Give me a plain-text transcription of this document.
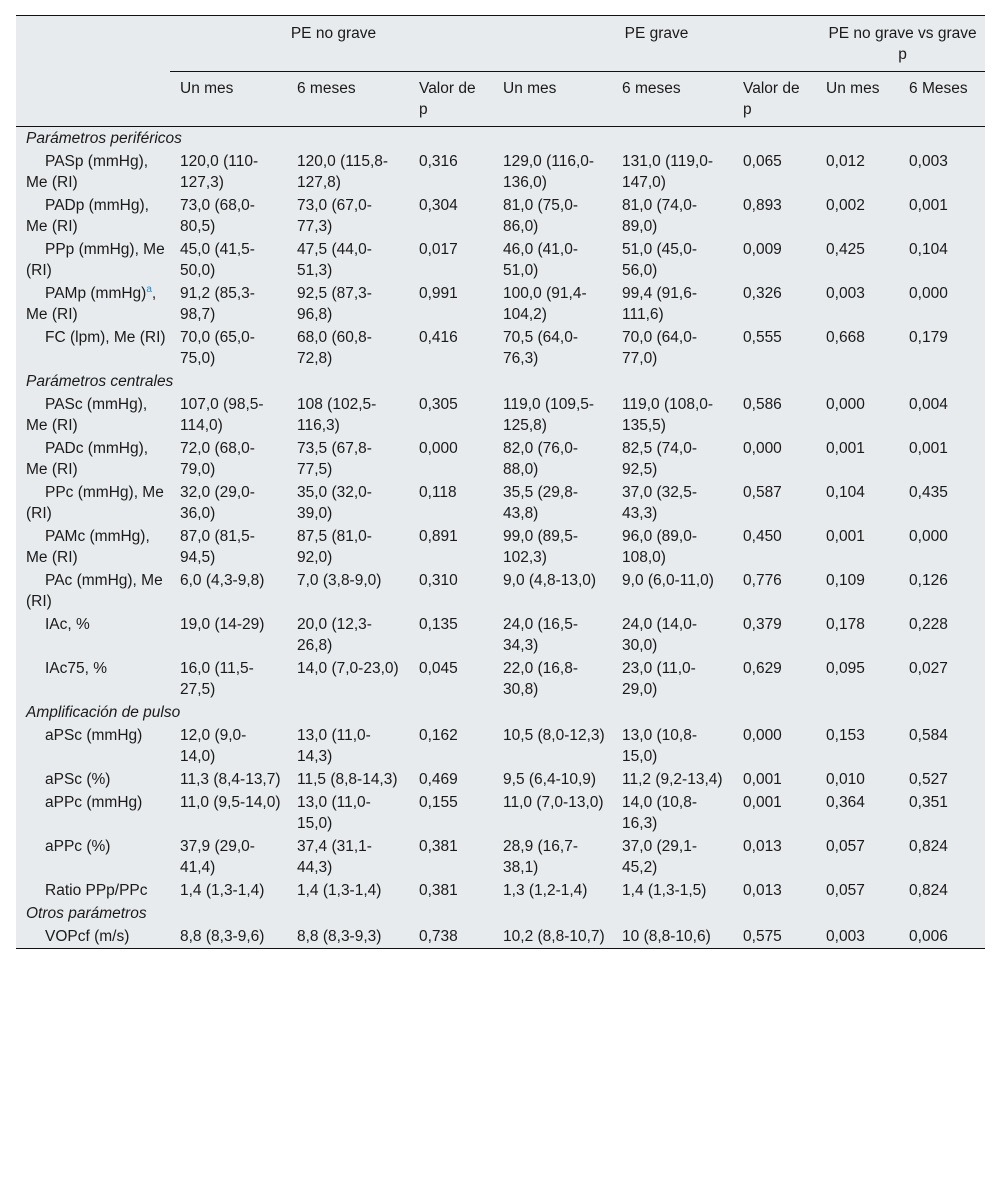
	PE no grave			PE grave			PE no grave vs grave p	
	Un mes	6 meses	Valor de p	Un mes	6 meses	Valor de p	Un mes	6 Meses
Parámetros periféricos								
PASp (mmHg), Me (RI)	120,0 (110-127,3)	120,0 (115,8-127,8)	0,316	129,0 (116,0-136,0)	131,0 (119,0-147,0)	0,065	0,012	0,003
PADp (mmHg), Me (RI)	73,0 (68,0-80,5)	73,0 (67,0-77,3)	0,304	81,0 (75,0-86,0)	81,0 (74,0-89,0)	0,893	0,002	0,001
PPp (mmHg), Me (RI)	45,0 (41,5-50,0)	47,5 (44,0-51,3)	0,017	46,0 (41,0-51,0)	51,0 (45,0-56,0)	0,009	0,425	0,104
PAMp (mmHg)$^a$, Me (RI)	91,2 (85,3-98,7)	92,5 (87,3-96,8)	0,991	100,0 (91,4-104,2)	99,4 (91,6-111,6)	0,326	0,003	0,000
FC (lpm), Me (RI)	70,0 (65,0-75,0)	68,0 (60,8-72,8)	0,416	70,5 (64,0-76,3)	70,0 (64,0-77,0)	0,555	0,668	0,179
Parámetros centrales								
PASc (mmHg), Me (RI)	107,0 (98,5-114,0)	108 (102,5-116,3)	0,305	119,0 (109,5-125,8)	119,0 (108,0-135,5)	0,586	0,000	0,004
PADc (mmHg), Me (RI)	72,0 (68,0-79,0)	73,5 (67,8-77,5)	0,000	82,0 (76,0-88,0)	82,5 (74,0-92,5)	0,000	0,001	0,001
PPc (mmHg), Me (RI)	32,0 (29,0-36,0)	35,0 (32,0-39,0)	0,118	35,5 (29,8-43,8)	37,0 (32,5-43,3)	0,587	0,104	0,435
PAMc (mmHg), Me (RI)	87,0 (81,5-94,5)	87,5 (81,0-92,0)	0,891	99,0 (89,5-102,3)	96,0 (89,0-108,0)	0,450	0,001	0,000
PAc (mmHg), Me (RI)	6,0 (4,3-9,8)	7,0 (3,8-9,0)	0,310	9,0 (4,8-13,0)	9,0 (6,0-11,0)	0,776	0,109	0,126
IAc, %	19,0 (14-29)	20,0 (12,3-26,8)	0,135	24,0 (16,5-34,3)	24,0 (14,0-30,0)	0,379	0,178	0,228
IAc75, %	16,0 (11,5-27,5)	14,0 (7,0-23,0)	0,045	22,0 (16,8-30,8)	23,0 (11,0-29,0)	0,629	0,095	0,027
Amplificación de pulso								
aPSc (mmHg)	12,0 (9,0-14,0)	13,0 (11,0-14,3)	0,162	10,5 (8,0-12,3)	13,0 (10,8-15,0)	0,000	0,153	0,584
aPSc (%)	11,3 (8,4-13,7)	11,5 (8,8-14,3)	0,469	9,5 (6,4-10,9)	11,2 (9,2-13,4)	0,001	0,010	0,527
aPPc (mmHg)	11,0 (9,5-14,0)	13,0 (11,0-15,0)	0,155	11,0 (7,0-13,0)	14,0 (10,8-16,3)	0,001	0,364	0,351
aPPc (%)	37,9 (29,0-41,4)	37,4 (31,1-44,3)	0,381	28,9 (16,7-38,1)	37,0 (29,1-45,2)	0,013	0,057	0,824
Ratio PPp/PPc	1,4 (1,3-1,4)	1,4 (1,3-1,4)	0,381	1,3 (1,2-1,4)	1,4 (1,3-1,5)	0,013	0,057	0,824
Otros parámetros								
VOPcf (m/s)	8,8 (8,3-9,6)	8,8 (8,3-9,3)	0,738	10,2 (8,8-10,7)	10 (8,8-10,6)	0,575	0,003	0,006
